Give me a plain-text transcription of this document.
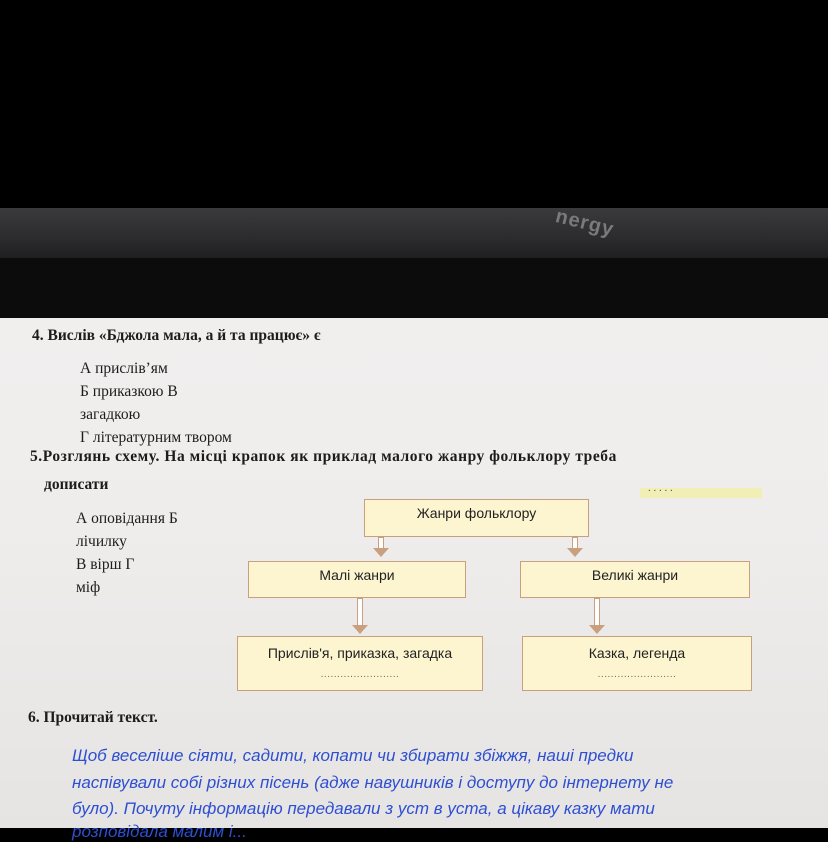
nergy
4. Вислів «Бджола мала, а й та працює» є
А прислів’ям
Б приказкою В
загадкою
Г літературним твором
5.Розглянь схему. На місці крапок як приклад малого жанру фольклору треба
дописати	. . . . .
А оповідання Б
лічилку
В вірш Г
міф
Жанри фольклору
Малі жанри	Великі жанри
Прислів'я, приказка, загадка
........................
Казка, легенда
........................
6. Прочитай текст.
Щоб веселіше сіяти, садити, копати чи збирати збіжжя, наші предки
наспівували собі різних пісень (адже навушників і доступу до інтернету не
було). Почуту інформацію передавали з уст в уста, а цікаву казку мати
розповідала малим і...
